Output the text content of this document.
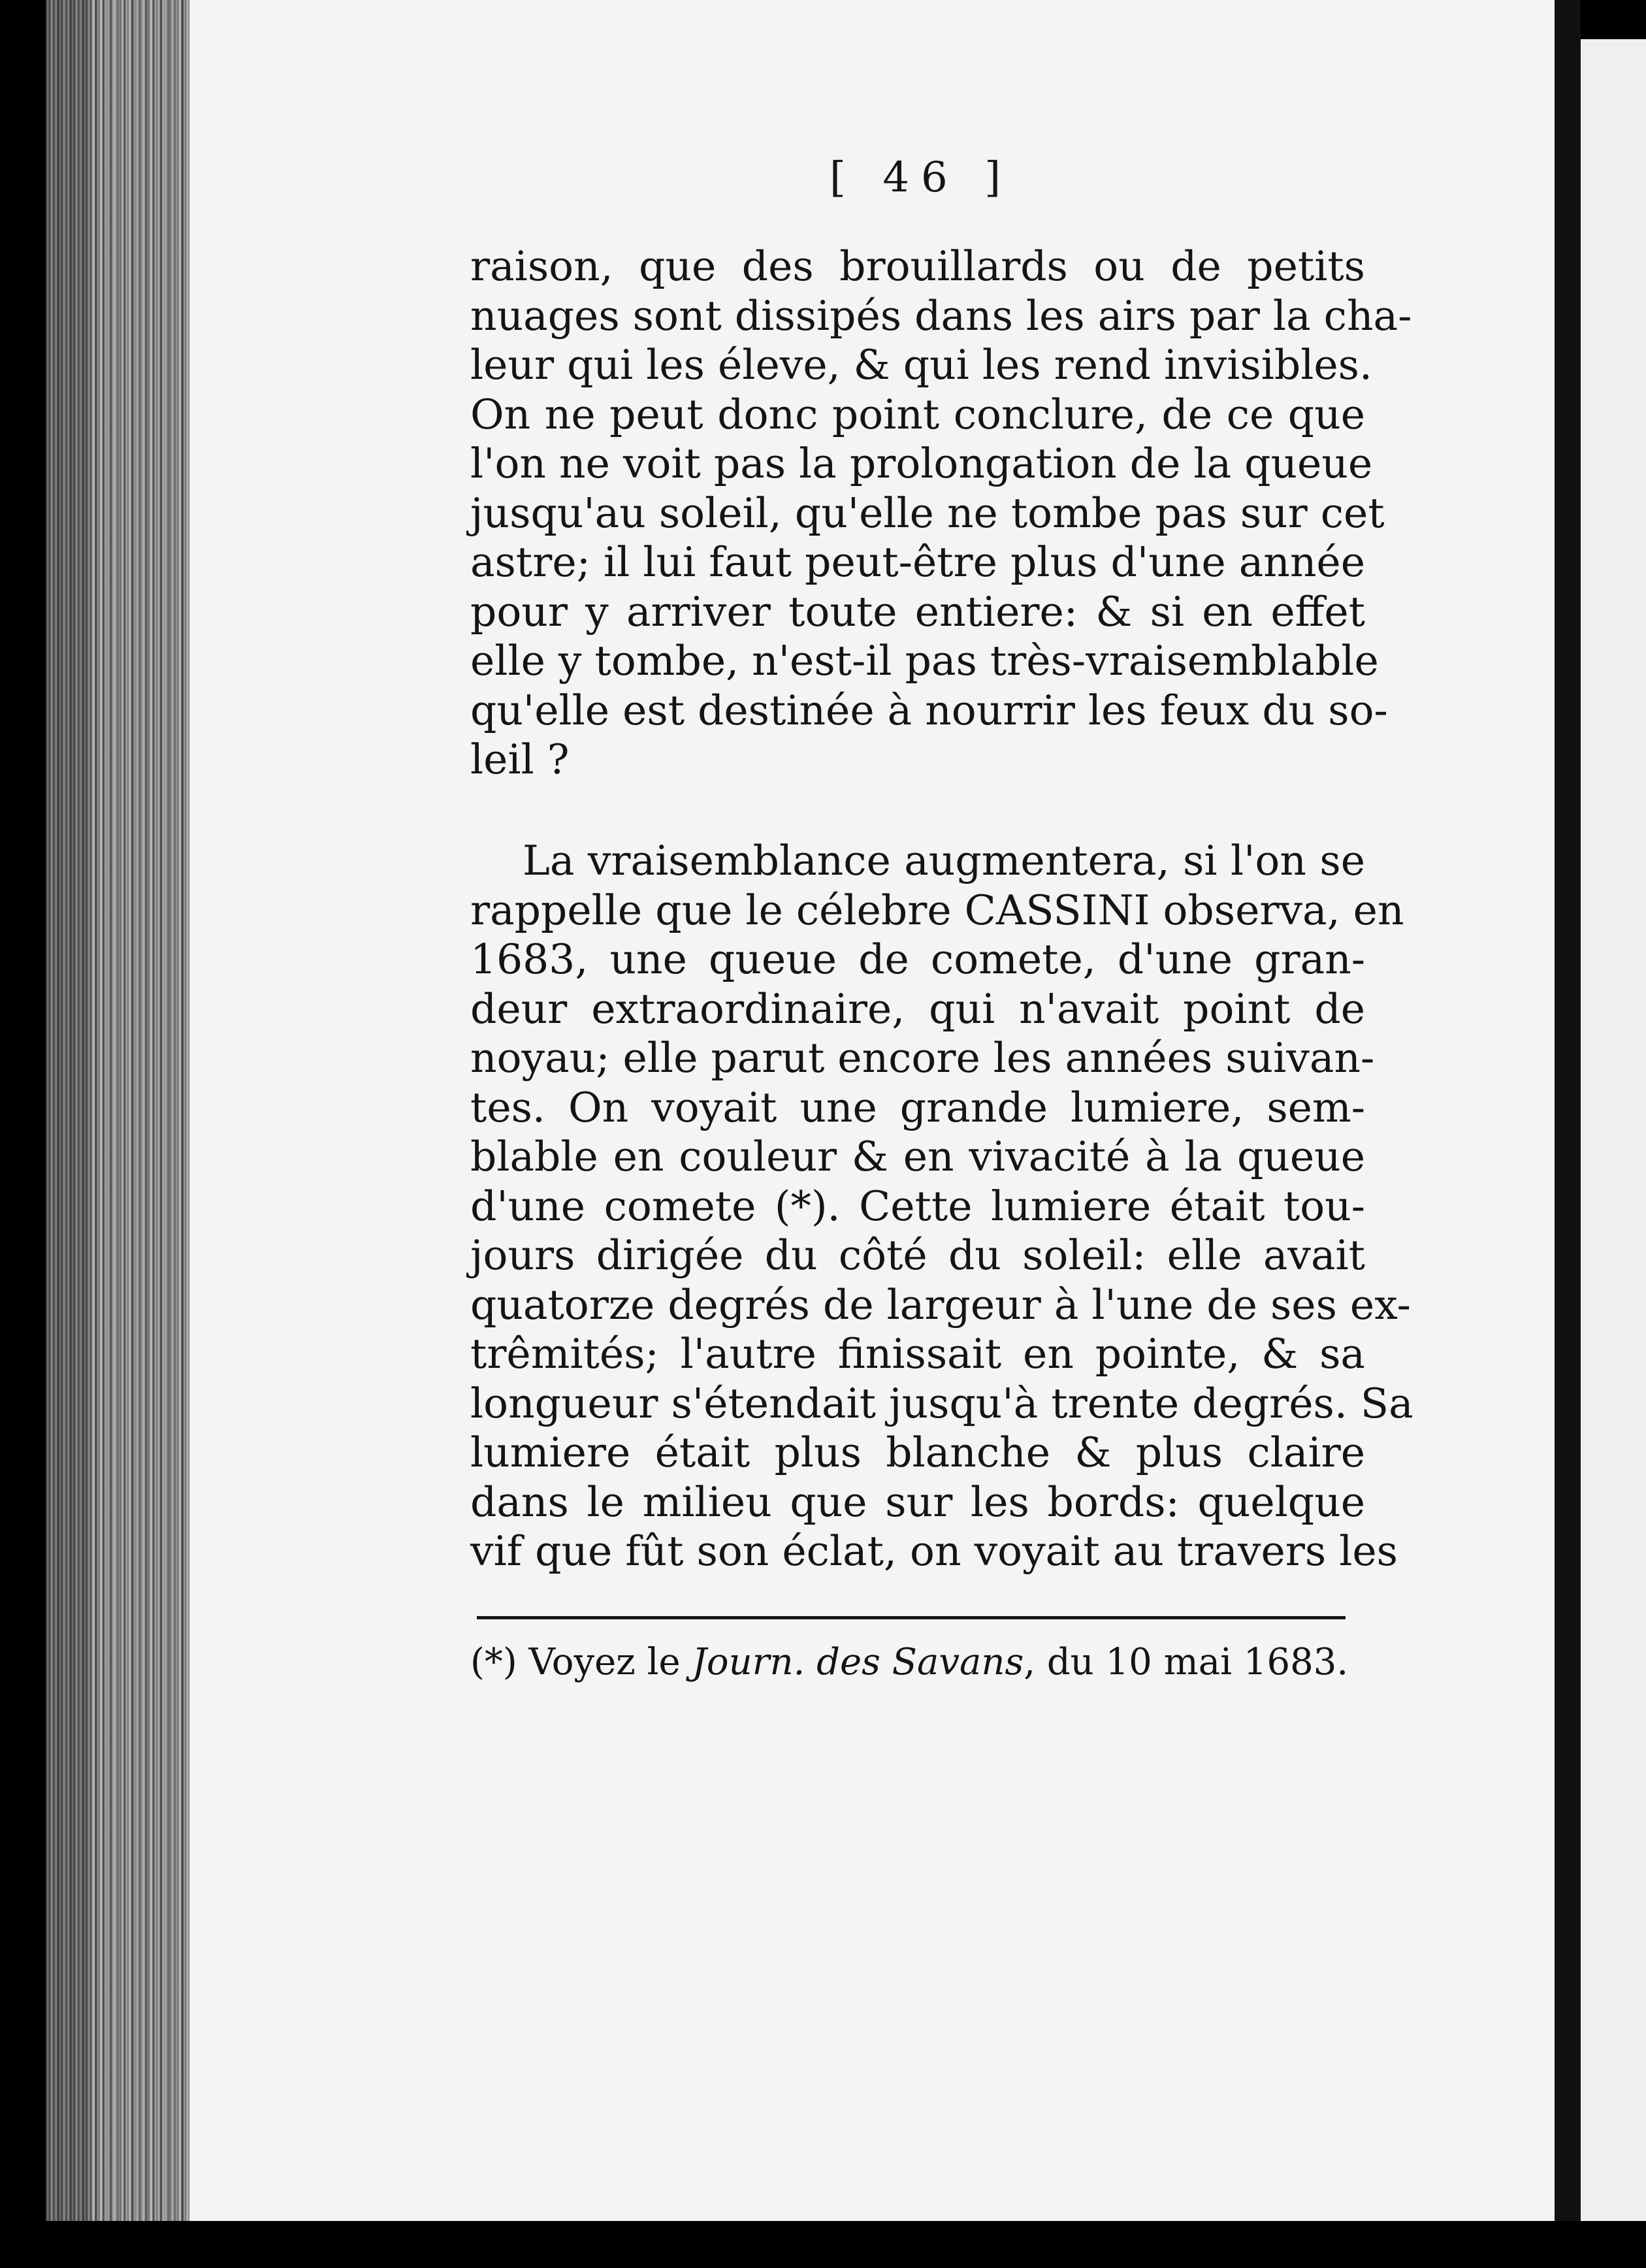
[ 46 ]
raison, que des brouillards ou de petits
nuages sont dissipés dans les airs par la cha-
leur qui les éleve, & qui les rend invisibles.
On ne peut donc point conclure, de ce que
l'on ne voit pas la prolongation de la queue
jusqu'au soleil, qu'elle ne tombe pas sur cet
astre; il lui faut peut-être plus d'une année
pour y arriver toute entiere: & si en effet
elle y tombe, n'est-il pas très-vraisemblable
qu'elle est destinée à nourrir les feux du so-
leil ?
La vraisemblance augmentera, si l'on se
rappelle que le célebre CASSINI observa, en
1683, une queue de comete, d'une gran-
deur extraordinaire, qui n'avait point de
noyau; elle parut encore les années suivan-
tes. On voyait une grande lumiere, sem-
blable en couleur & en vivacité à la queue
d'une comete (*). Cette lumiere était tou-
jours dirigée du côté du soleil: elle avait
quatorze degrés de largeur à l'une de ses ex-
trêmités; l'autre finissait en pointe, & sa
longueur s'étendait jusqu'à trente degrés. Sa
lumiere était plus blanche & plus claire
dans le milieu que sur les bords: quelque
vif que fût son éclat, on voyait au travers les
(*) Voyez le Journ. des Savans, du 10 mai 1683.
